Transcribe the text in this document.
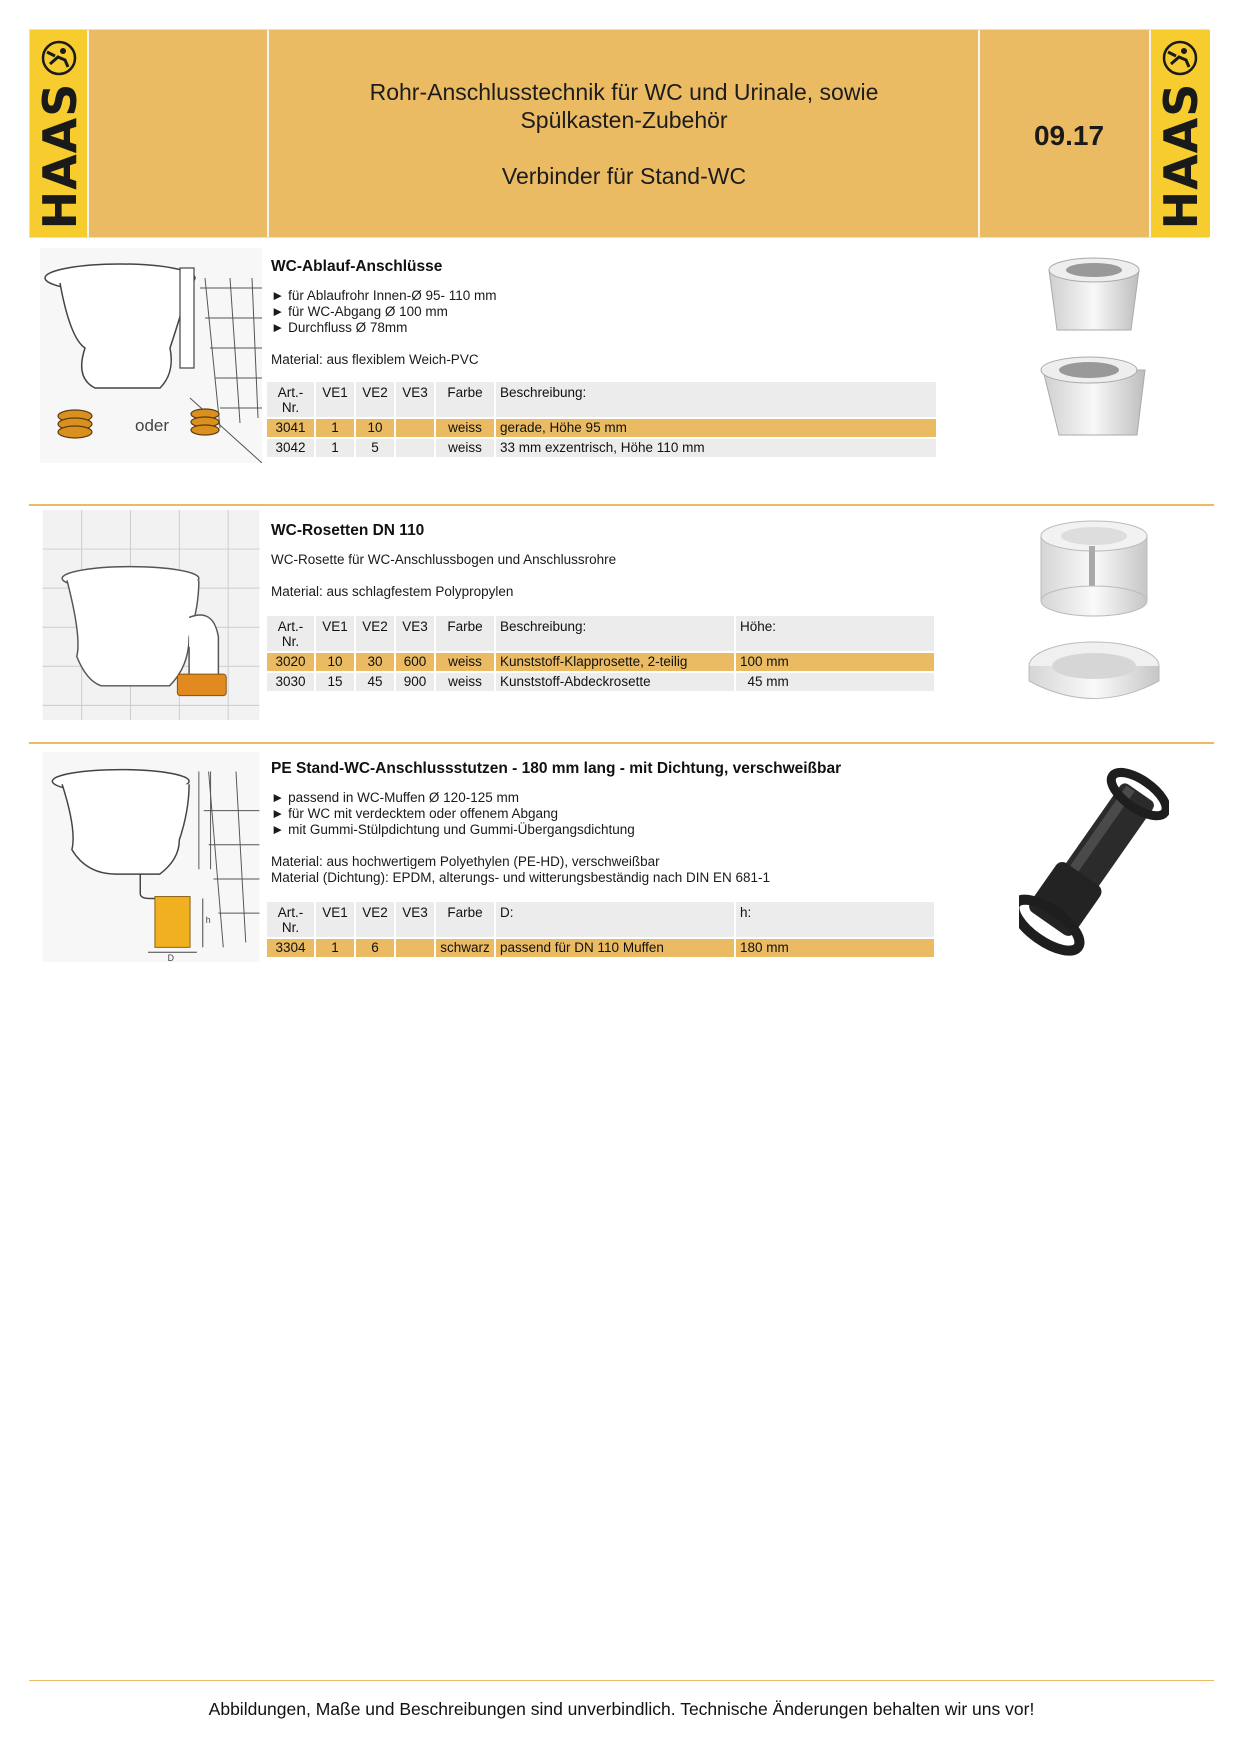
HAAS	Rohr-Anschlusstechnik für WC und Urinale, sowie
Spülkasten-Zubehör
Verbinder für Stand-WC
09.17	HAAS
oder
WC-Ablauf-Anschlüsse
► für Ablaufrohr Innen-Ø 95- 110 mm
► für WC-Abgang Ø 100 mm
► Durchfluss Ø 78mm
Material: aus flexiblem Weich-PVC
Art.-
Nr.	VE1	VE2	VE3	Farbe	Beschreibung:
3041	1	10		weiss	gerade, Höhe 95 mm
3042	1	5		weiss	33 mm exzentrisch, Höhe 110 mm
WC-Rosetten DN 110
WC-Rosette für WC-Anschlussbogen und Anschlussrohre
Material: aus schlagfestem Polypropylen
Art.-
Nr.	VE1	VE2	VE3	Farbe	Beschreibung:	Höhe:
3020	10	30	600	weiss	Kunststoff-Klapprosette, 2-teilig	100 mm
3030	15	45	900	weiss	Kunststoff-Abdeckrosette	45 mm
D
h
PE Stand-WC-Anschlussstutzen - 180 mm lang - mit Dichtung, verschweißbar
► passend in WC-Muffen Ø 120-125 mm
► für WC mit verdecktem oder offenem Abgang
► mit Gummi-Stülpdichtung und Gummi-Übergangsdichtung
Material: aus hochwertigem Polyethylen (PE-HD), verschweißbar
Material (Dichtung): EPDM, alterungs- und witterungsbeständig nach DIN EN 681-1
Art.-
Nr.	VE1	VE2	VE3	Farbe	D:	h:
3304	1	6		schwarz	passend für DN 110 Muffen	180 mm
Abbildungen, Maße und Beschreibungen sind unverbindlich. Technische Änderungen behalten wir uns vor!
